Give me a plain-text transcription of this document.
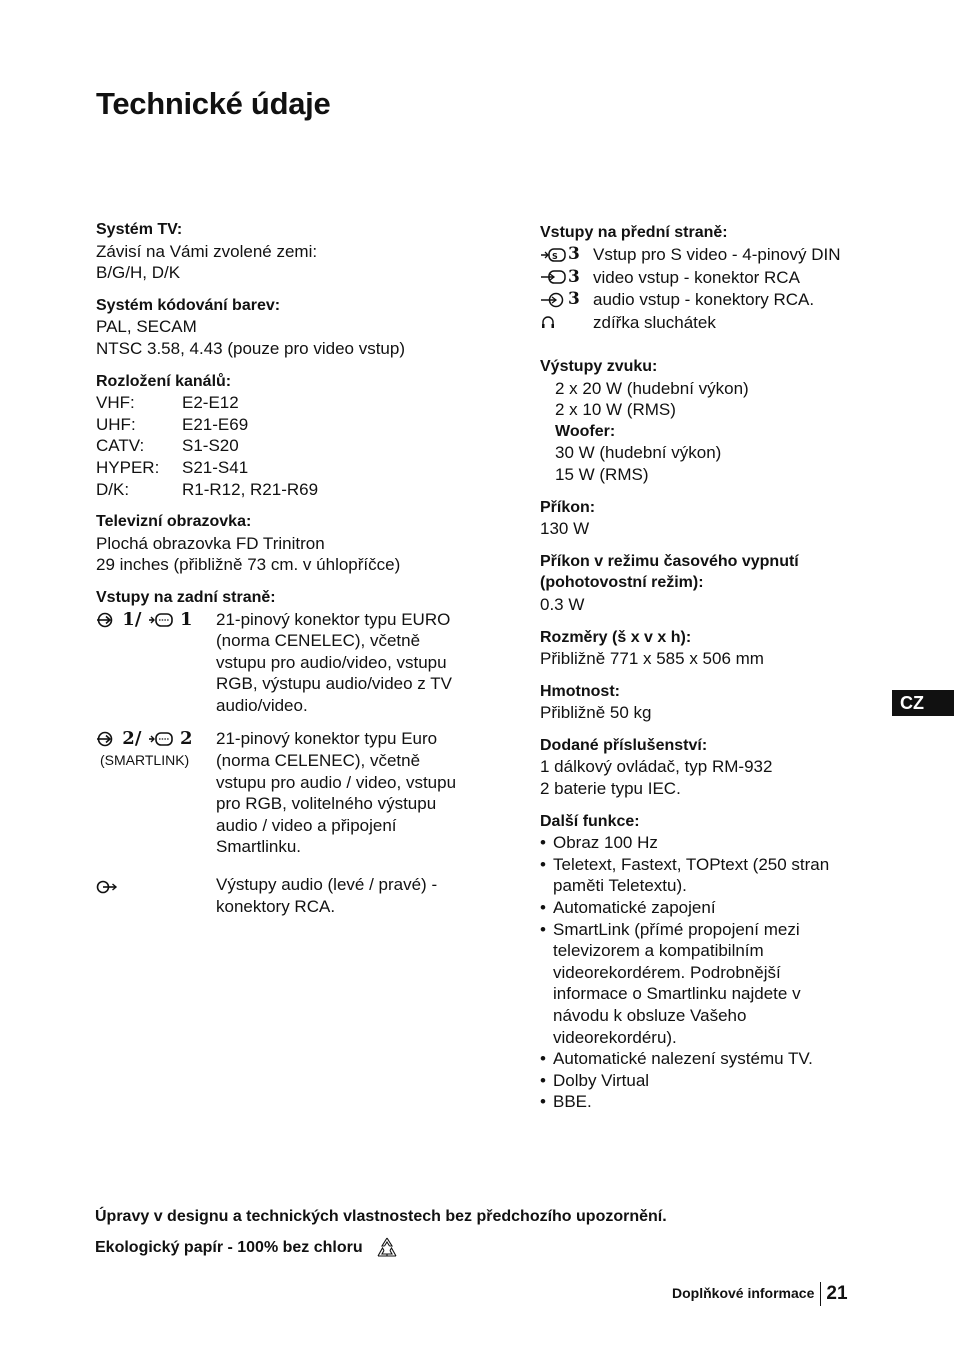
Technické údaje
Systém TV:
Závisí na Vámi zvolené zemi:
B/G/H, D/K
Systém kódování barev:
PAL, SECAM
NTSC 3.58, 4.43 (pouze pro video vstup)
Rozložení kanálů:
VHF:	E2-E12
UHF:	E21-E69
CATV:	S1-S20
HYPER:	S21-S41
D/K:	R1-R12, R21-R69
Televizní obrazovka:
Plochá obrazovka FD Trinitron
29 inches (přibližně 73 cm. v úhlopříčce)
Vstupy na zadní straně:
1/ 1	21-pinový konektor typu EURO
(norma CENELEC), včetně
vstupu pro audio/video, vstupu
RGB, výstupu audio/video z TV
audio/video.
2/ 2
(SMARTLINK)
21-pinový konektor typu Euro
(norma CELENEC), včetně
vstupu pro audio / video, vstupu
pro RGB, volitelného výstupu
audio / video a připojení
Smartlinku.
Výstupy audio (levé / pravé) -
konektory RCA.
Vstupy na přední straně:
S 3 Vstup pro S video - 4-pinový DIN
3 video vstup - konektor RCA
3 audio vstup - konektory RCA.
zdířka sluchátek
Výstupy zvuku:
2 x 20 W (hudební výkon)
2 x 10 W (RMS)
Woofer:
30 W (hudební výkon)
15 W (RMS)
Příkon:
130 W
Příkon v režimu časového vypnutí
(pohotovostní režim):
0.3 W
Rozměry (š x v x h):
Přibližně 771 x 585 x 506 mm
Hmotnost:
Přibližně 50 kg
Dodané příslušenství:
1 dálkový ovládač, typ RM-932
2 baterie typu IEC.
Další funkce:
• Obraz 100 Hz
• Teletext, Fastext, TOPtext (250 stran
paměti Teletextu).
• Automatické zapojení
• SmartLink (přímé propojení mezi
televizorem a kompatibilním
videorekordérem. Podrobnější
informace o Smartlinku najdete v
návodu k obsluze Vašeho
videorekordéru).
• Automatické nalezení systému TV.
• Dolby Virtual
• BBE.
CZ
Úpravy v designu a technických vlastnostech bez předchozího upozornění.
Ekologický papír - 100% bez chloru
Doplňkové informace 21
